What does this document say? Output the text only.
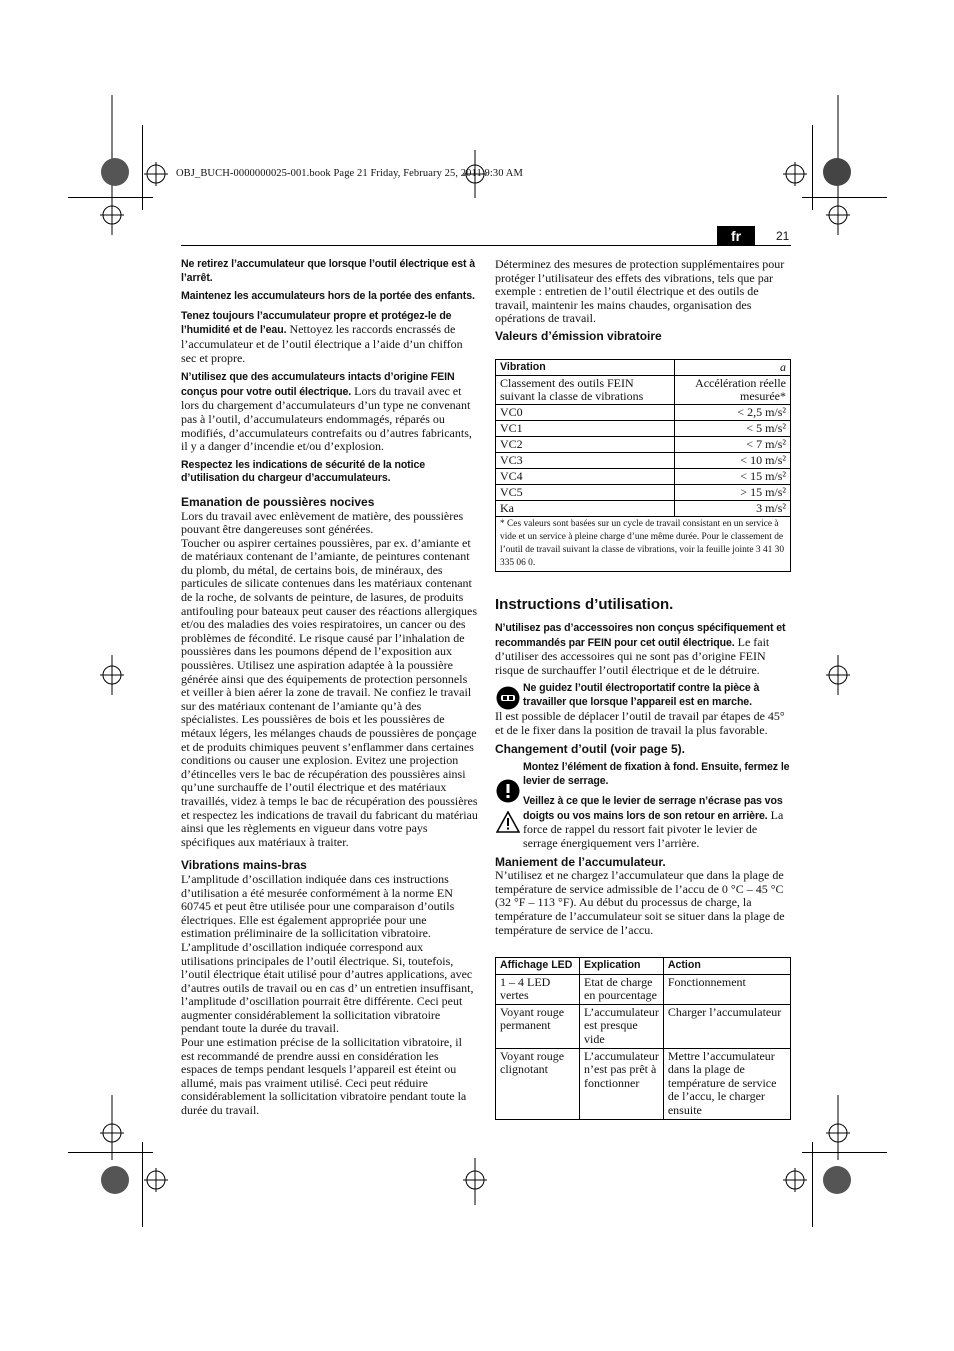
OBJ_BUCH-0000000025-001.book Page 21 Friday, February 25, 2011 9:30 AM
fr	21

Ne retirez l’accumulateur que lorsque l’outil électrique est à l’arrêt.

Maintenez les accumulateurs hors de la portée des enfants.

Tenez toujours l’accumulateur propre et protégez-le de l’humidité et de l’eau. Nettoyez les raccords encrassés de l’accumulateur et de l’outil électrique a l’aide d’un chiffon sec et propre.

N’utilisez que des accumulateurs intacts d’origine FEIN conçus pour votre outil électrique. Lors du travail avec et lors du chargement d’accumulateurs d’un type ne convenant pas à l’outil, d’accumulateurs endommagés, réparés ou modifiés, d’accumulateurs contrefaits ou d’autres fabricants, il y a danger d’incendie et/ou d’explosion.

Respectez les indications de sécurité de la notice d’utilisation du chargeur d’accumulateurs.

Emanation de poussières nocives

Lors du travail avec enlèvement de matière, des poussières pouvant être dangereuses sont générées.

Toucher ou aspirer certaines poussières, par ex. d’amiante et de matériaux contenant de l’amiante, de peintures contenant du plomb, du métal, de certains bois, de minéraux, des particules de silicate contenues dans les matériaux contenant de la roche, de solvants de peinture, de lasures, de produits antifouling pour bateaux peut causer des réactions allergiques et/ou des maladies des voies respiratoires, un cancer ou des problèmes de fécondité. Le risque causé par l’inhalation de poussières dans les poumons dépend de l’exposition aux poussières. Utilisez une aspiration adaptée à la poussière générée ainsi que des équipements de protection personnels et veiller à bien aérer la zone de travail. Ne confiez le travail sur des matériaux contenant de l’amiante qu’à des spécialistes. Les poussières de bois et les poussières de métaux légers, les mélanges chauds de poussières de ponçage et de produits chimiques peuvent s’enflammer dans certaines conditions ou causer une explosion. Evitez une projection d’étincelles vers le bac de récupération des poussières ainsi qu’une surchauffe de l’outil électrique et des matériaux travaillés, videz à temps le bac de récupération des poussières et respectez les indications de travail du fabricant du matériau ainsi que les règlements en vigueur dans votre pays spécifiques aux matériaux à traiter.

Vibrations mains-bras

L’amplitude d’oscillation indiquée dans ces instructions d’utilisation a été mesurée conformément à la norme EN 60745 et peut être utilisée pour une comparaison d’outils électriques. Elle est également appropriée pour une estimation préliminaire de la sollicitation vibratoire.

L’amplitude d’oscillation indiquée correspond aux utilisations principales de l’outil électrique. Si, toutefois, l’outil électrique était utilisé pour d’autres applications, avec d’autres outils de travail ou en cas d’ un entretien insuffisant, l’amplitude d’oscillation pourrait être différente. Ceci peut augmenter considérablement la sollicitation vibratoire pendant toute la durée du travail.

Pour une estimation précise de la sollicitation vibratoire, il est recommandé de prendre aussi en considération les espaces de temps pendant lesquels l’appareil est éteint ou allumé, mais pas vraiment utilisé. Ceci peut réduire considérablement la sollicitation vibratoire pendant toute la durée du travail.

Déterminez des mesures de protection supplémentaires pour protéger l’utilisateur des effets des vibrations, tels que par exemple : entretien de l’outil électrique et des outils de travail, maintenir les mains chaudes, organisation des opérations de travail.

Valeurs d’émission vibratoire

Vibration	a
Classement des outils FEIN suivant la classe de vibrations	Accélération réelle mesurée*
VC0	< 2,5 m/s²
VC1	< 5 m/s²
VC2	< 7 m/s²
VC3	< 10 m/s²
VC4	< 15 m/s²
VC5	> 15 m/s²
Ka	3 m/s²
* Ces valeurs sont basées sur un cycle de travail consistant en un service à vide et un service à pleine charge d’une même durée. Pour le classement de l’outil de travail suivant la classe de vibrations, voir la feuille jointe 3 41 30 335 06 0.	
Instructions d’utilisation.

N’utilisez pas d’accessoires non conçus spécifiquement et recommandés par FEIN pour cet outil électrique. Le fait d’utiliser des accessoires qui ne sont pas d’origine FEIN risque de surchauffer l’outil électrique et de le détruire.

Ne guidez l’outil électroportatif contre la pièce à travailler que lorsque l’appareil est en marche.

Il est possible de déplacer l’outil de travail par étapes de 45° et de le fixer dans la position de travail la plus favorable.

Changement d’outil (voir page 5).

Montez l’élément de fixation à fond. Ensuite, fermez le levier de serrage.

Veillez à ce que le levier de serrage n’écrase pas vos doigts ou vos mains lors de son retour en arrière. La force de rappel du ressort fait pivoter le levier de serrage énergiquement vers l’arrière.

Maniement de l’accumulateur.

N’utilisez et ne chargez l’accumulateur que dans la plage de température de service admissible de l’accu de 0 °C – 45 °C (32 °F – 113 °F). Au début du processus de charge, la température de l’accumulateur soit se situer dans la plage de température de service de l’accu.

Affichage LED	Explication	Action
1 – 4 LED vertes	Etat de charge en pourcentage	Fonctionnement
Voyant rouge permanent	L’accumulateur est presque vide	Charger l’accumulateur
Voyant rouge clignotant	L’accumulateur n’est pas prêt à fonctionner	Mettre l’accumulateur dans la plage de température de service de l’accu, le charger ensuite
